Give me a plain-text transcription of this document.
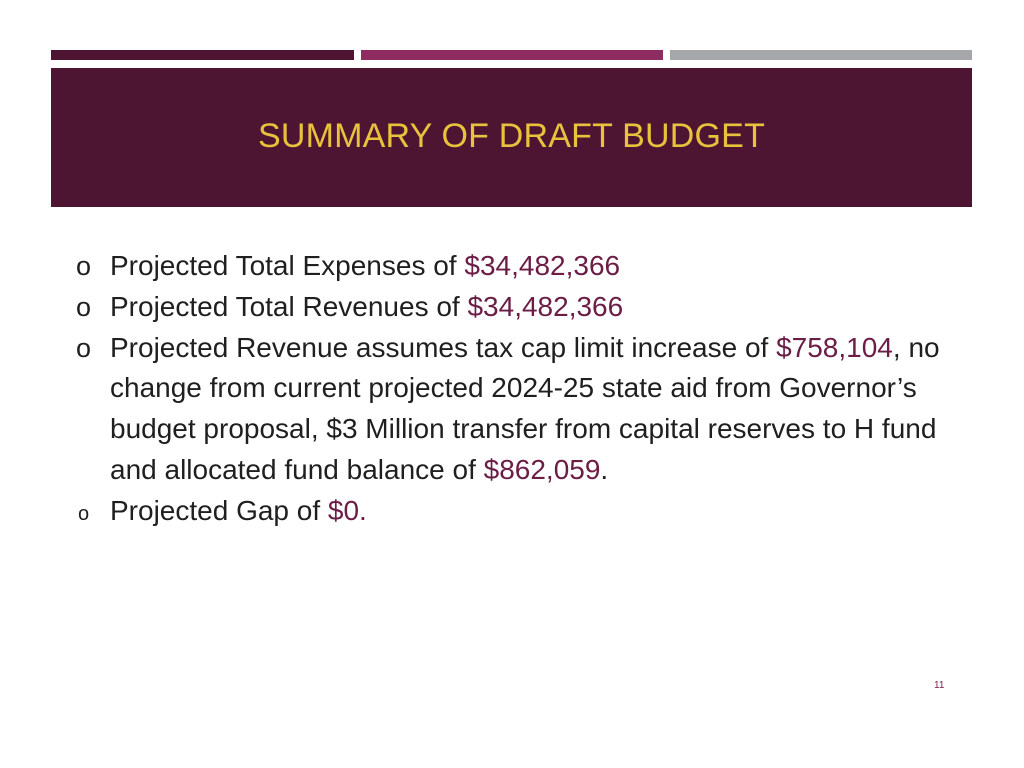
SUMMARY OF DRAFT BUDGET
o Projected Total Expenses of $34,482,366
o Projected Total Revenues of $34,482,366
o Projected Revenue assumes tax cap limit increase of $758,104, no change from current projected 2024-25 state aid from Governor’s budget proposal, $3 Million transfer from capital reserves to H fund and allocated fund balance of $862,059.
o Projected Gap of $0.
11
